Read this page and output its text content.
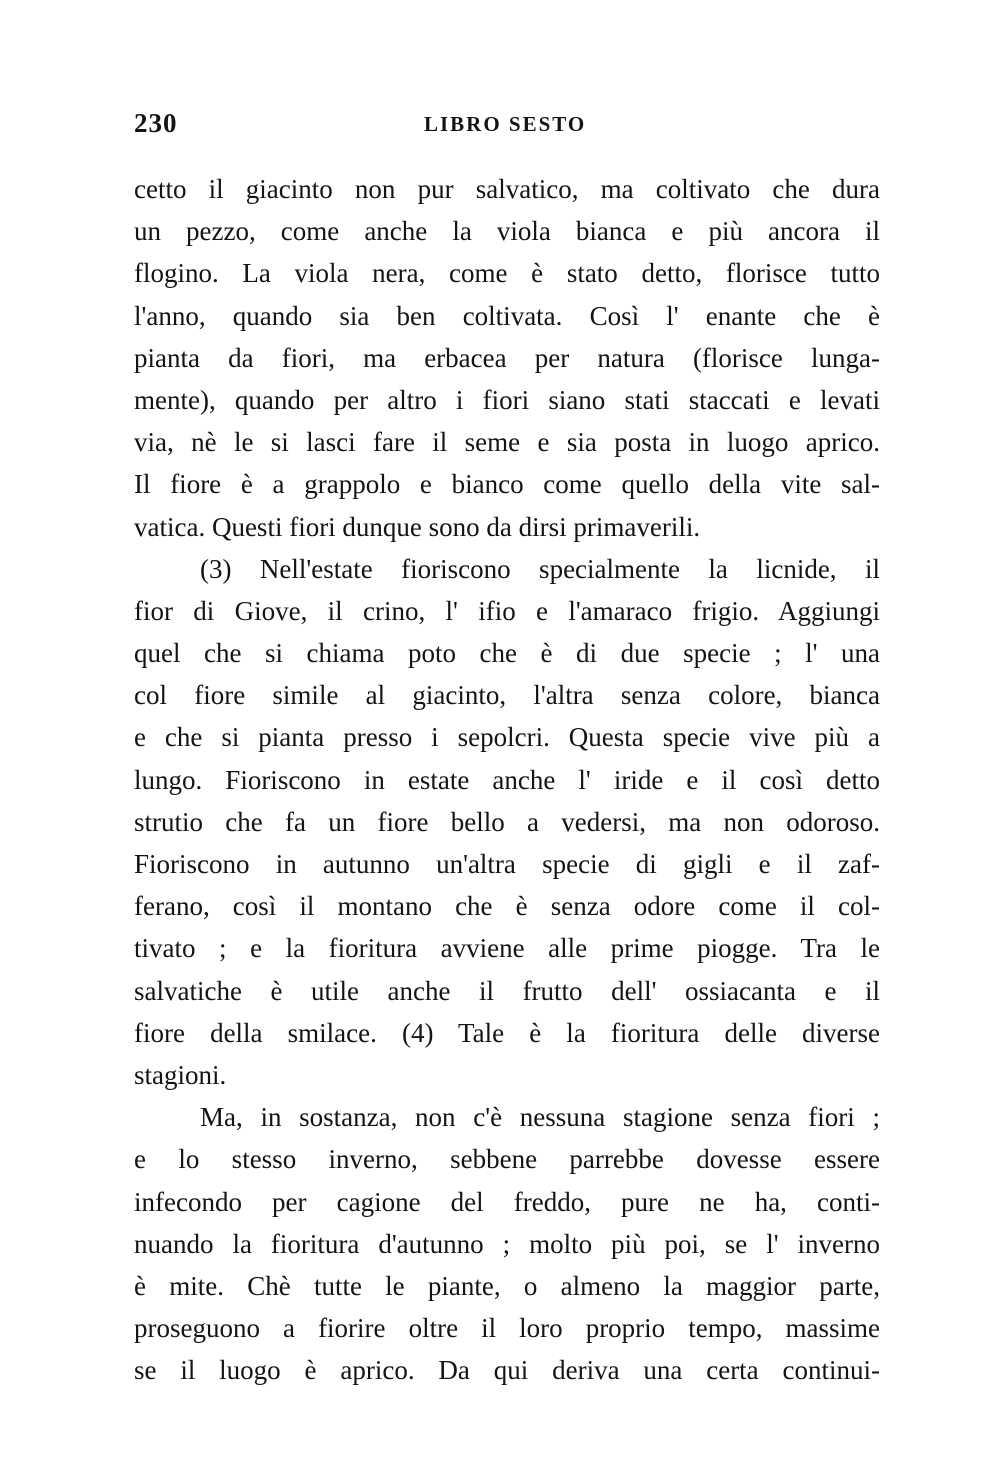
230	LIBRO SESTO
cetto il giacinto non pur salvatico, ma coltivato che dura
un pezzo, come anche la viola bianca e più ancora il
flogino. La viola nera, come è stato detto, florisce tutto
l'anno, quando sia ben coltivata. Così l' enante che è
pianta da fiori, ma erbacea per natura (florisce lunga-
mente), quando per altro i fiori siano stati staccati e levati
via, nè le si lasci fare il seme e sia posta in luogo aprico.
Il fiore è a grappolo e bianco come quello della vite sal-
vatica. Questi fiori dunque sono da dirsi primaverili.
(3) Nell'estate fioriscono specialmente la licnide, il
fior di Giove, il crino, l' ifio e l'amaraco frigio. Aggiungi
quel che si chiama poto che è di due specie ; l' una
col fiore simile al giacinto, l'altra senza colore, bianca
e che si pianta presso i sepolcri. Questa specie vive più a
lungo. Fioriscono in estate anche l' iride e il così detto
strutio che fa un fiore bello a vedersi, ma non odoroso.
Fioriscono in autunno un'altra specie di gigli e il zaf-
ferano, così il montano che è senza odore come il col-
tivato ; e la fioritura avviene alle prime piogge. Tra le
salvatiche è utile anche il frutto dell' ossiacanta e il
fiore della smilace. (4) Tale è la fioritura delle diverse
stagioni.
Ma, in sostanza, non c'è nessuna stagione senza fiori ;
e lo stesso inverno, sebbene parrebbe dovesse essere
infecondo per cagione del freddo, pure ne ha, conti-
nuando la fioritura d'autunno ; molto più poi, se l' inverno
è mite. Chè tutte le piante, o almeno la maggior parte,
proseguono a fiorire oltre il loro proprio tempo, massime
se il luogo è aprico. Da qui deriva una certa continui-
